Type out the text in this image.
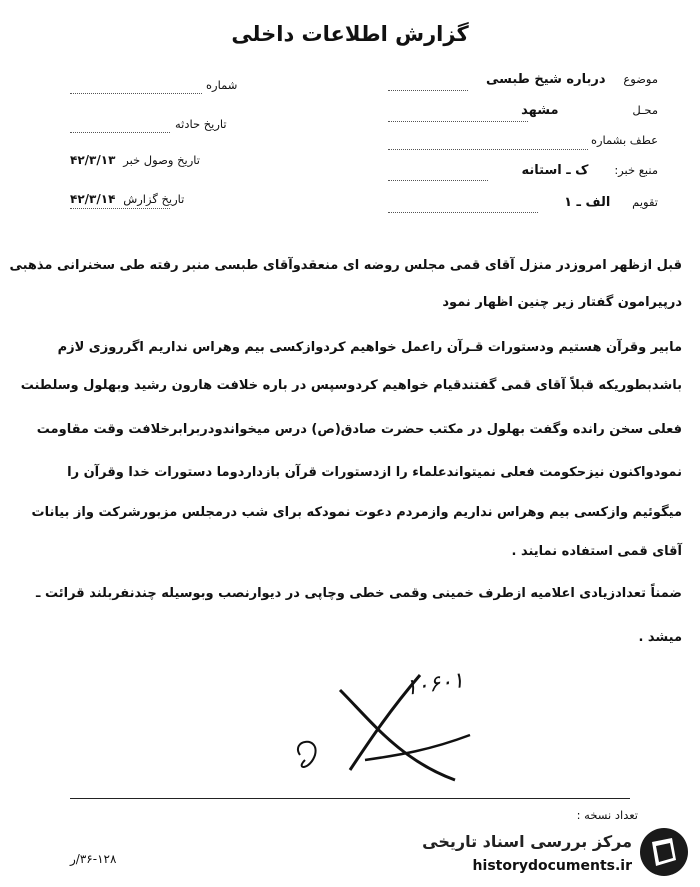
گزارش اطلاعات داخلی
شماره
تاریخ حادثه
تاریخ وصول خبر ۴۲/۳/۱۳
تاریخ گزارش ۴۲/۳/۱۴
موضوع درباره شیخ طبسی
محـل مشهد
عطف بشماره
منبع خبر: ک ـ استانه
تقویم الف ـ ۱
قبل ازظهر امروزدر منزل آقای قمی مجلس روضه ای منعقدوآقای طبسی منبر رفته طی سخنرانی مذهبی
درپیرامون گفتار زیر چنین اظهار نمود
مابیر وقرآن هستیم ودستورات قـرآن راعمل خواهیم کردوازکسی بیم وهراس نداریم اگرروزی لازم
باشدبطوریکه قبلاً آقای قمی گفتندقیام خواهیم کردوسپس در باره خلافت هارون رشید وبهلول وسلطنت
فعلی سخن رانده وگفت بهلول در مکتب حضرت صادق(ص) درس میخواندودربرابرخلافت وقت مقاومت
نمودواکنون نیزحکومت فعلی نمیتواندعلماء را ازدستورات قرآن بازداردوما دستورات خدا وقرآن را
میگوئیم وازکسی بیم وهراس نداریم وازمردم دعوت نمودکه برای شب درمجلس مزبورشرکت واز بیانات
آقای قمی استفاده نمایند .
ضمناً تعدادزیادی اعلامیه ازطرف خمینی وقمی خطی وچاپی در دیوارنصب وبوسیله چندنفربلند قرائت ـ
میشد .
۱۰۶۰۱
تعداد نسخه :
۳۶-۱۲۸/ر
مرکز بررسی اسناد تاریخی
historydocuments.ir
